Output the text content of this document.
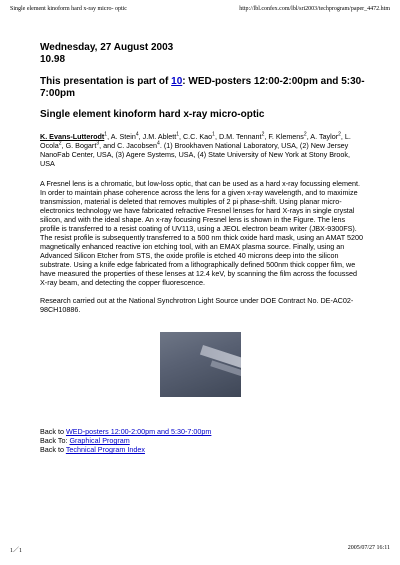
Single element kinoform hard x-ray micro- optic	http://lbl.confex.com/lbl/sri2003/techprogram/paper_4472.htm
Wednesday, 27 August 2003
10.98
This presentation is part of 10: WED-posters 12:00-2:00pm and 5:30-7:00pm
Single element kinoform hard x-ray micro-optic
K. Evans-Lutterodt$^1$, A. Stein$^4$, J.M. Ablett$^1$, C.C. Kao$^1$, D.M. Tennant$^2$, F. Klemens$^2$, A. Taylor$^2$, L. Ocola$^2$, G. Bogart$^3$, and C. Jacobsen$^4$. (1) Brookhaven National Laboratory, USA, (2) New Jersey NanoFab Center, USA, (3) Agere Systems, USA, (4) State University of New York at Stony Brook, USA
A Fresnel lens is a chromatic, but low-loss optic, that can be used as a hard x-ray focussing element. In order to maintain phase coherence across the lens for a given x-ray wavelength, and to maximize transmission, material is deleted that removes multiples of 2 pi phase-shift. Using planar micro-electronics technology we have fabricated refractive Fresnel lenses for hard X-rays in single crystal silicon, and with the ideal shape. An x-ray focusing Fresnel lens is shown in the Figure. The lens profile is transferred to a resist coating of UV113, using a JEOL electron beam writer (JBX-9300FS). The resist profile is subsequently transferred to a 500 nm thick oxide hard mask, using an AMAT 5200 magnetically enhanced reactive ion etching tool, with an EMAX plasma source. Finally, using an Advanced Silicon Etcher from STS, the oxide profile is etched 40 microns deep into the silicon substrate. Using a knife edge fabricated from a lithographically defined 500nm thick copper film, we have measured the properties of these lenses at 12.4 keV, by scanning the film across the focussed X-ray beam, and detecting the copper fluorescence.
Research carried out at the National Synchrotron Light Source under DOE Contract No. DE-AC02-98CH10886.
Back to WED-posters 12:00-2:00pm and 5:30-7:00pm
Back To: Graphical Program
Back to Technical Program Index
1／1	2005/07/27 16:11
